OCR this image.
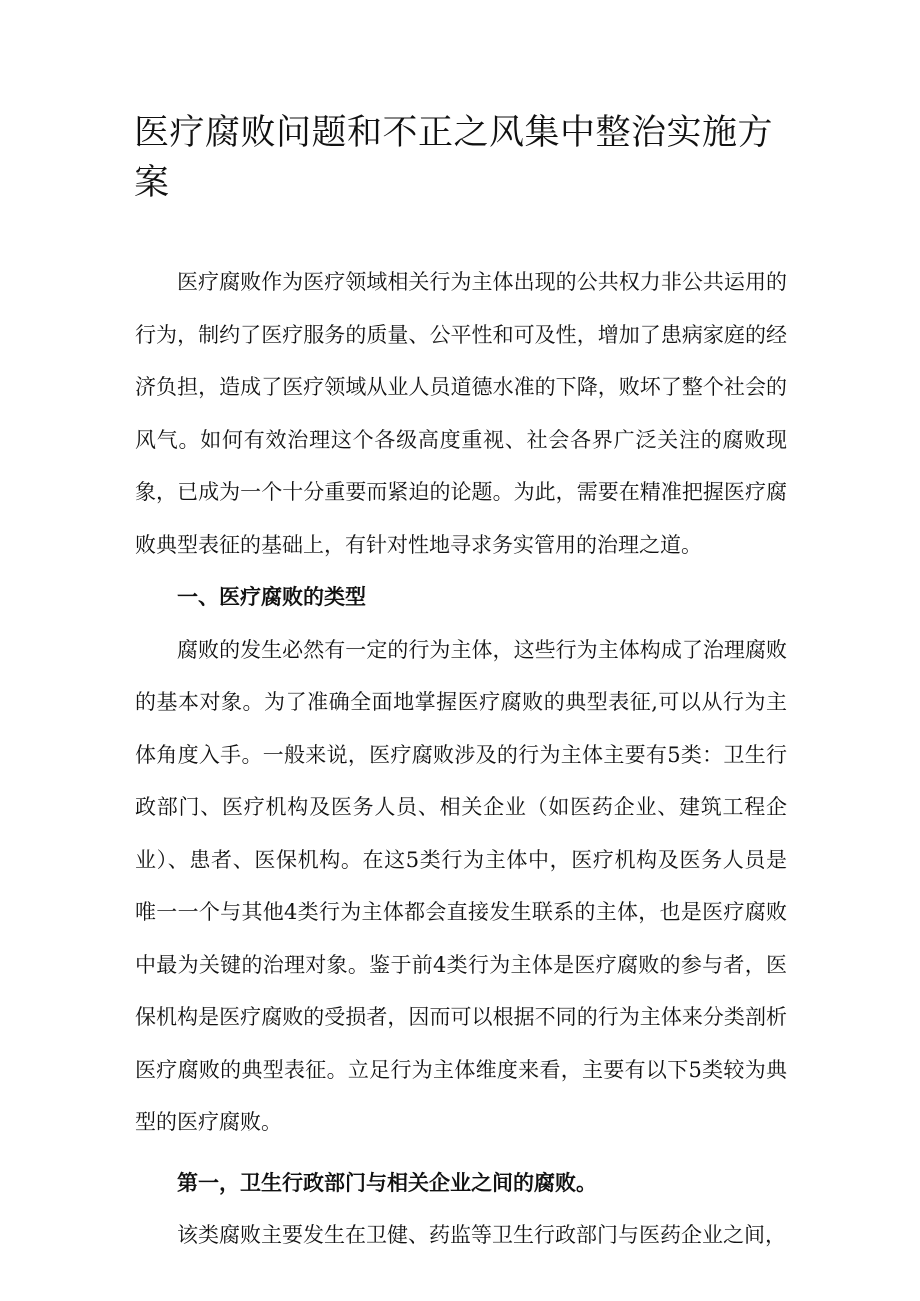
医疗腐败问题和不正之风集中整治实施方案

医疗腐败作为医疗领域相关行为主体出现的公共权力非公共运用的行为，制约了医疗服务的质量、公平性和可及性，增加了患病家庭的经济负担，造成了医疗领域从业人员道德水准的下降，败坏了整个社会的风气。如何有效治理这个各级高度重视、社会各界广泛关注的腐败现象，已成为一个十分重要而紧迫的论题。为此，需要在精准把握医疗腐败典型表征的基础上，有针对性地寻求务实管用的治理之道。

一、医疗腐败的类型

腐败的发生必然有一定的行为主体，这些行为主体构成了治理腐败的基本对象。为了准确全面地掌握医疗腐败的典型表征,可以从行为主体角度入手。一般来说，医疗腐败涉及的行为主体主要有5类：卫生行政部门、医疗机构及医务人员、相关企业（如医药企业、建筑工程企业）、患者、医保机构。在这5类行为主体中，医疗机构及医务人员是唯一一个与其他4类行为主体都会直接发生联系的主体，也是医疗腐败中最为关键的治理对象。鉴于前4类行为主体是医疗腐败的参与者，医保机构是医疗腐败的受损者，因而可以根据不同的行为主体来分类剖析医疗腐败的典型表征。立足行为主体维度来看，主要有以下5类较为典型的医疗腐败。

第一，卫生行政部门与相关企业之间的腐败。

该类腐败主要发生在卫健、药监等卫生行政部门与医药企业之间，
